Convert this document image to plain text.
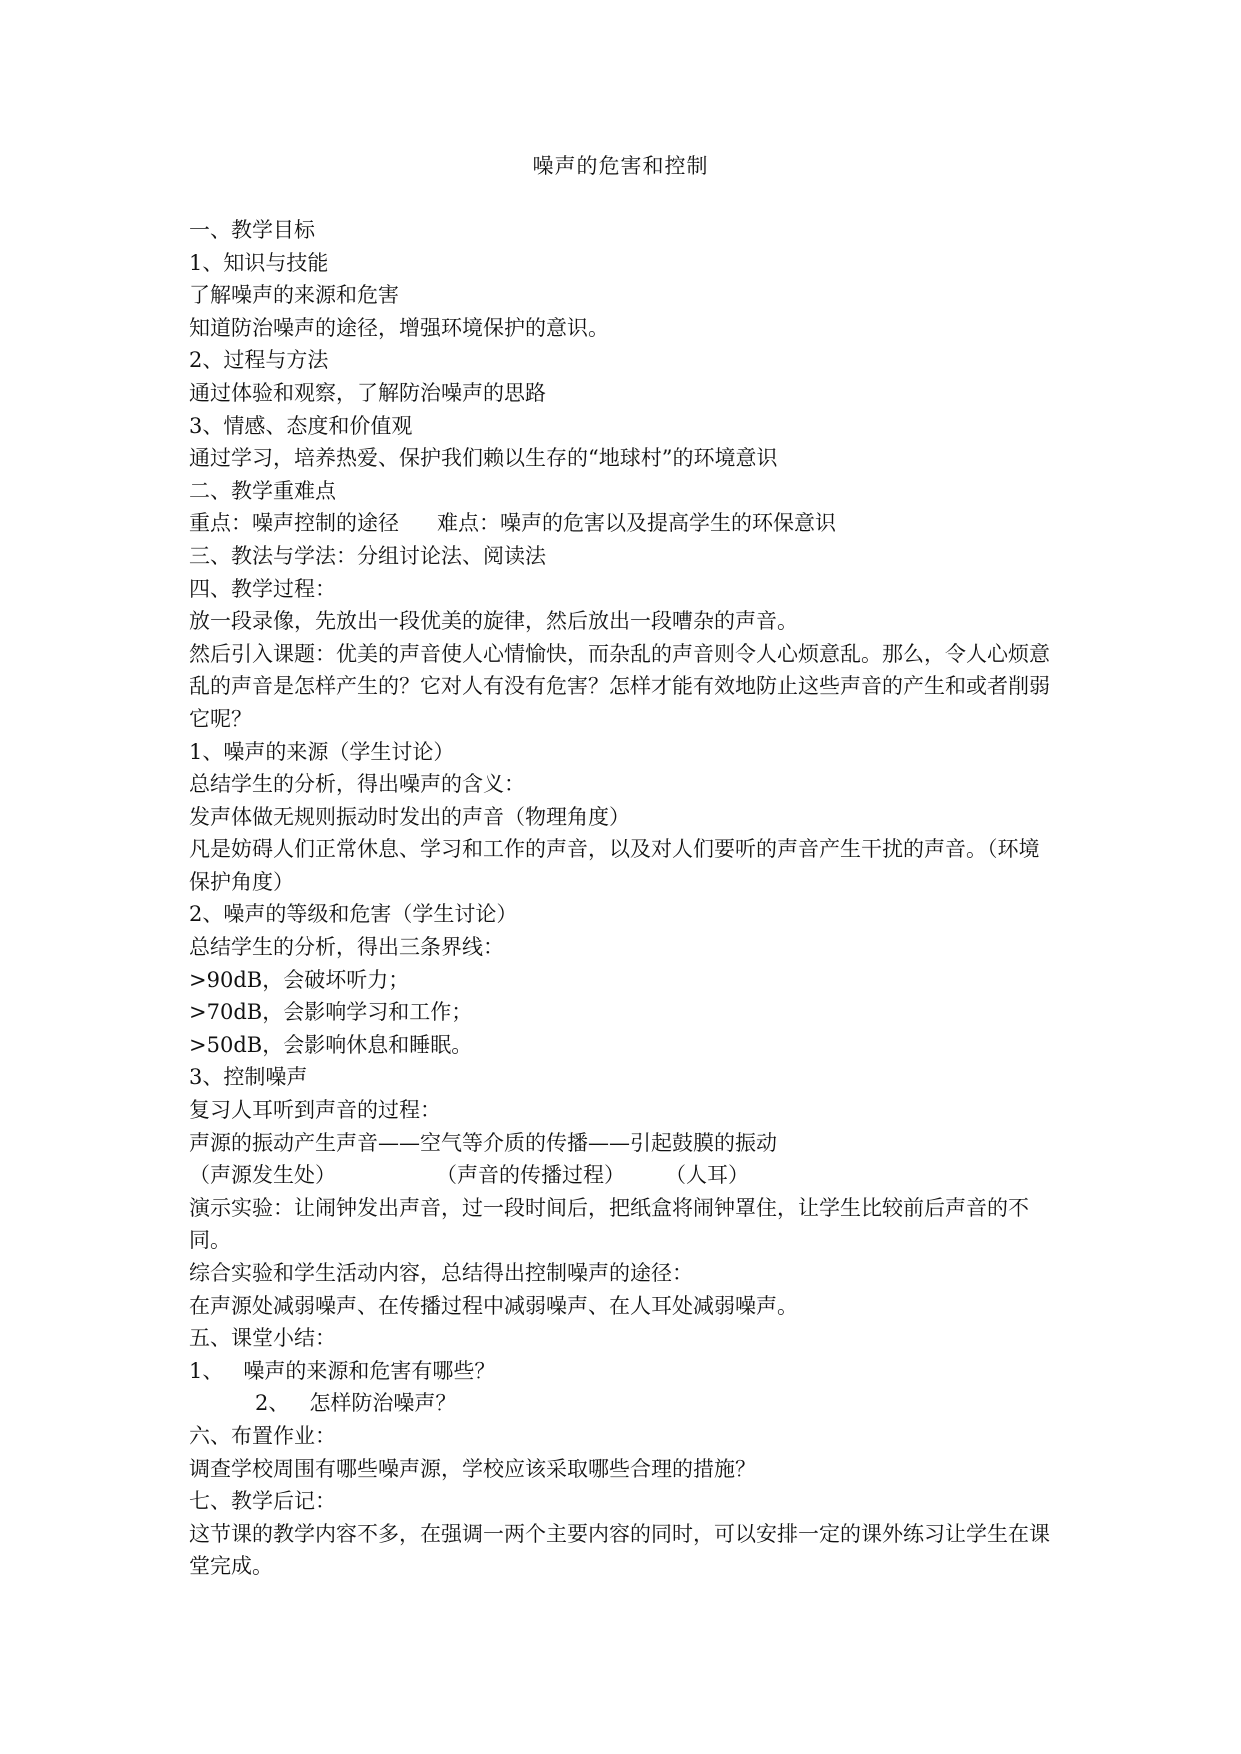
噪声的危害和控制
一、教学目标
1、知识与技能
了解噪声的来源和危害
知道防治噪声的途径，增强环境保护的意识。
2、过程与方法
通过体验和观察，了解防治噪声的思路
3、情感、态度和价值观
通过学习，培养热爱、保护我们赖以生存的“地球村”的环境意识
二、教学重难点
重点：噪声控制的途径 难点：噪声的危害以及提高学生的环保意识
三、教法与学法：分组讨论法、阅读法
四、教学过程：
放一段录像，先放出一段优美的旋律，然后放出一段嘈杂的声音。
然后引入课题：优美的声音使人心情愉快，而杂乱的声音则令人心烦意乱。那么，令人心烦意乱的声音是怎样产生的？它对人有没有危害？怎样才能有效地防止这些声音的产生和或者削弱它呢？
1、噪声的来源（学生讨论）
总结学生的分析，得出噪声的含义：
发声体做无规则振动时发出的声音（物理角度）
凡是妨碍人们正常休息、学习和工作的声音，以及对人们要听的声音产生干扰的声音。（环境保护角度）
2、噪声的等级和危害（学生讨论）
总结学生的分析，得出三条界线：
>90dB，会破坏听力；
>70dB，会影响学习和工作；
>50dB，会影响休息和睡眠。
3、控制噪声
复习人耳听到声音的过程：
声源的振动产生声音——空气等介质的传播——引起鼓膜的振动
（声源发生处）	（声音的传播过程） （人耳）
演示实验：让闹钟发出声音，过一段时间后，把纸盒将闹钟罩住，让学生比较前后声音的不同。
综合实验和学生活动内容，总结得出控制噪声的途径：
在声源处减弱噪声、在传播过程中减弱噪声、在人耳处减弱噪声。
五、课堂小结：
1、 噪声的来源和危害有哪些？
2、 怎样防治噪声？
六、布置作业：
调查学校周围有哪些噪声源，学校应该采取哪些合理的措施？
七、教学后记：
这节课的教学内容不多，在强调一两个主要内容的同时，可以安排一定的课外练习让学生在课堂完成。
